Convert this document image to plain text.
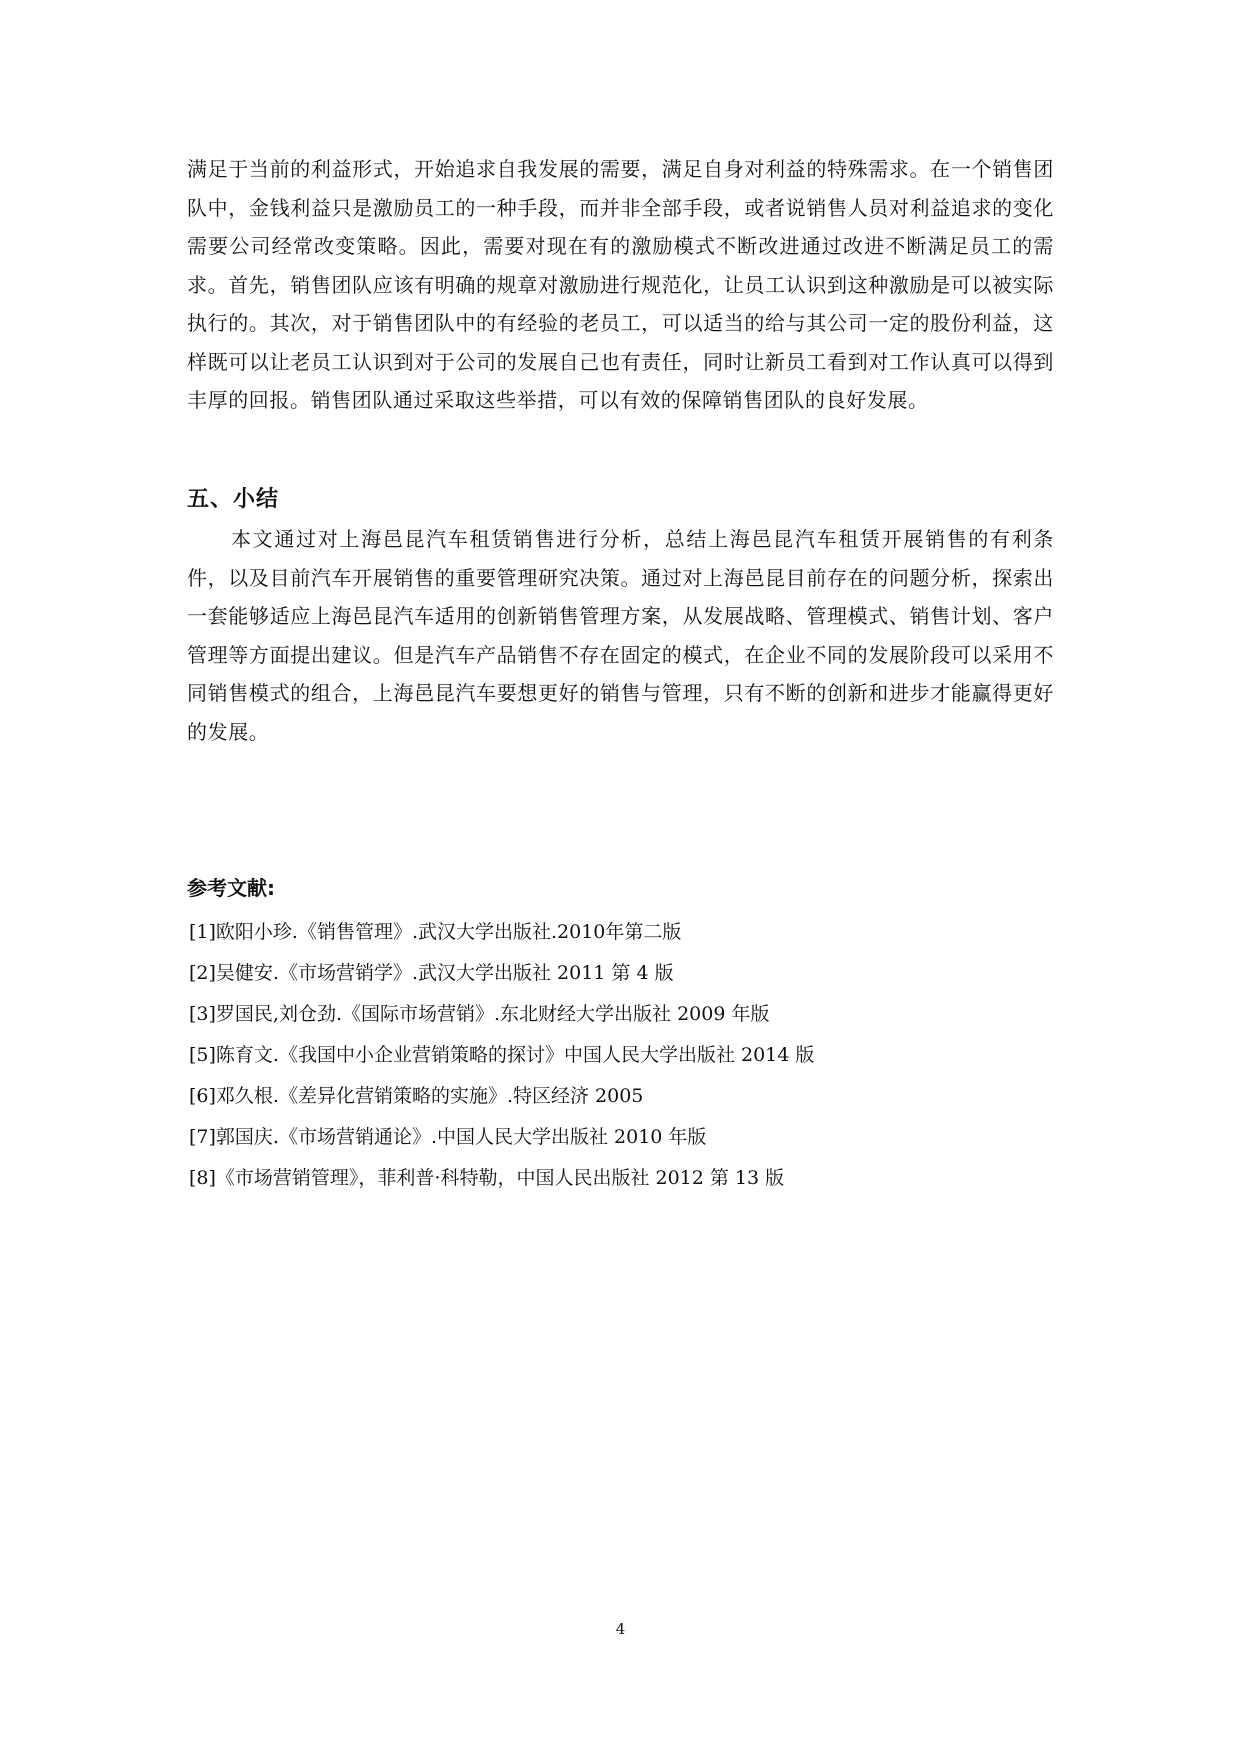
满足于当前的利益形式，开始追求自我发展的需要，满足自身对利益的特殊需求。在一个销售团队中，金钱利益只是激励员工的一种手段，而并非全部手段，或者说销售人员对利益追求的变化需要公司经常改变策略。因此，需要对现在有的激励模式不断改进通过改进不断满足员工的需求。首先，销售团队应该有明确的规章对激励进行规范化，让员工认识到这种激励是可以被实际执行的。其次，对于销售团队中的有经验的老员工，可以适当的给与其公司一定的股份利益，这样既可以让老员工认识到对于公司的发展自己也有责任，同时让新员工看到对工作认真可以得到丰厚的回报。销售团队通过采取这些举措，可以有效的保障销售团队的良好发展。

五、小结

本文通过对上海邑昆汽车租赁销售进行分析，总结上海邑昆汽车租赁开展销售的有利条件，以及目前汽车开展销售的重要管理研究决策。通过对上海邑昆目前存在的问题分析，探索出一套能够适应上海邑昆汽车适用的创新销售管理方案，从发展战略、管理模式、销售计划、客户管理等方面提出建议。但是汽车产品销售不存在固定的模式，在企业不同的发展阶段可以采用不同销售模式的组合，上海邑昆汽车要想更好的销售与管理，只有不断的创新和进步才能赢得更好的发展。

参考文献:
[1]欧阳小珍.《销售管理》.武汉大学出版社.2010年第二版
[2]吴健安.《市场营销学》.武汉大学出版社 2011 第 4 版
[3]罗国民,刘仓劲.《国际市场营销》.东北财经大学出版社 2009 年版
[5]陈育文.《我国中小企业营销策略的探讨》中国人民大学出版社 2014 版
[6]邓久根.《差异化营销策略的实施》.特区经济 2005
[7]郭国庆.《市场营销通论》.中国人民大学出版社 2010 年版
[8]《市场营销管理》，菲利普·科特勒，中国人民出版社 2012 第 13 版
4
